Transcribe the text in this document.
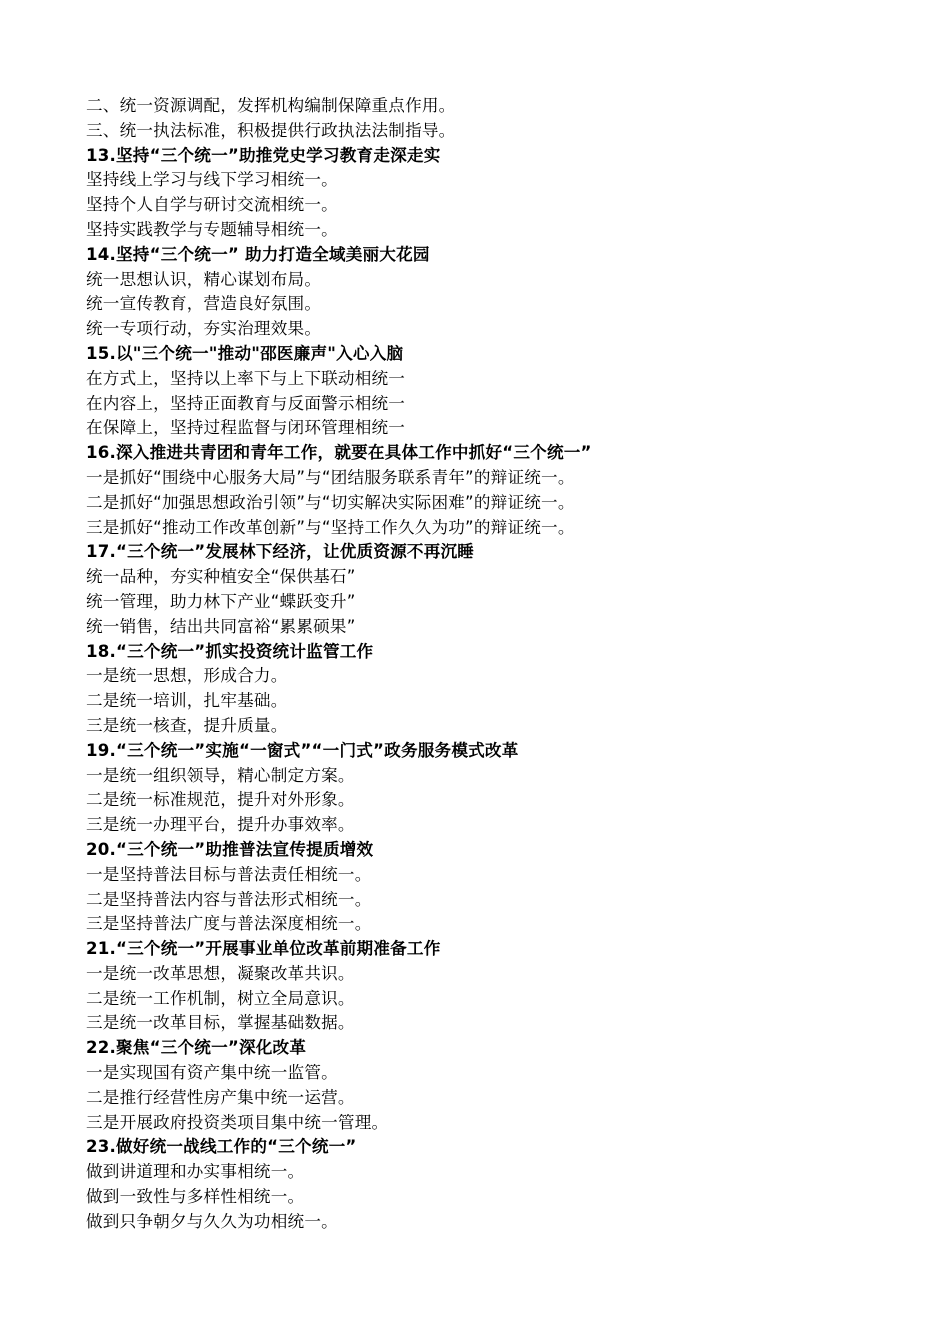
二、统一资源调配，发挥机构编制保障重点作用。
三、统一执法标准，积极提供行政执法法制指导。
13.坚持“三个统一”助推党史学习教育走深走实
坚持线上学习与线下学习相统一。
坚持个人自学与研讨交流相统一。
坚持实践教学与专题辅导相统一。
14.坚持“三个统一” 助力打造全域美丽大花园
统一思想认识，精心谋划布局。
统一宣传教育，营造良好氛围。
统一专项行动，夯实治理效果。
15.以"三个统一"推动"邵医廉声"入心入脑
在方式上，坚持以上率下与上下联动相统一
在内容上，坚持正面教育与反面警示相统一
在保障上，坚持过程监督与闭环管理相统一
16.深入推进共青团和青年工作，就要在具体工作中抓好“三个统一”
一是抓好“围绕中心服务大局”与“团结服务联系青年”的辩证统一。
二是抓好“加强思想政治引领”与“切实解决实际困难”的辩证统一。
三是抓好“推动工作改革创新”与“坚持工作久久为功”的辩证统一。
17.“三个统一”发展林下经济，让优质资源不再沉睡
统一品种，夯实种植安全“保供基石”
统一管理，助力林下产业“蝶跃变升”
统一销售，结出共同富裕“累累硕果”
18.“三个统一”抓实投资统计监管工作
一是统一思想，形成合力。
二是统一培训，扎牢基础。
三是统一核查，提升质量。
19.“三个统一”实施“一窗式”“一门式”政务服务模式改革
一是统一组织领导，精心制定方案。
二是统一标准规范，提升对外形象。
三是统一办理平台，提升办事效率。
20.“三个统一”助推普法宣传提质增效
一是坚持普法目标与普法责任相统一。
二是坚持普法内容与普法形式相统一。
三是坚持普法广度与普法深度相统一。
21.“三个统一”开展事业单位改革前期准备工作
一是统一改革思想，凝聚改革共识。
二是统一工作机制，树立全局意识。
三是统一改革目标，掌握基础数据。
22.聚焦“三个统一”深化改革
一是实现国有资产集中统一监管。
二是推行经营性房产集中统一运营。
三是开展政府投资类项目集中统一管理。
23.做好统一战线工作的“三个统一”
做到讲道理和办实事相统一。
做到一致性与多样性相统一。
做到只争朝夕与久久为功相统一。
